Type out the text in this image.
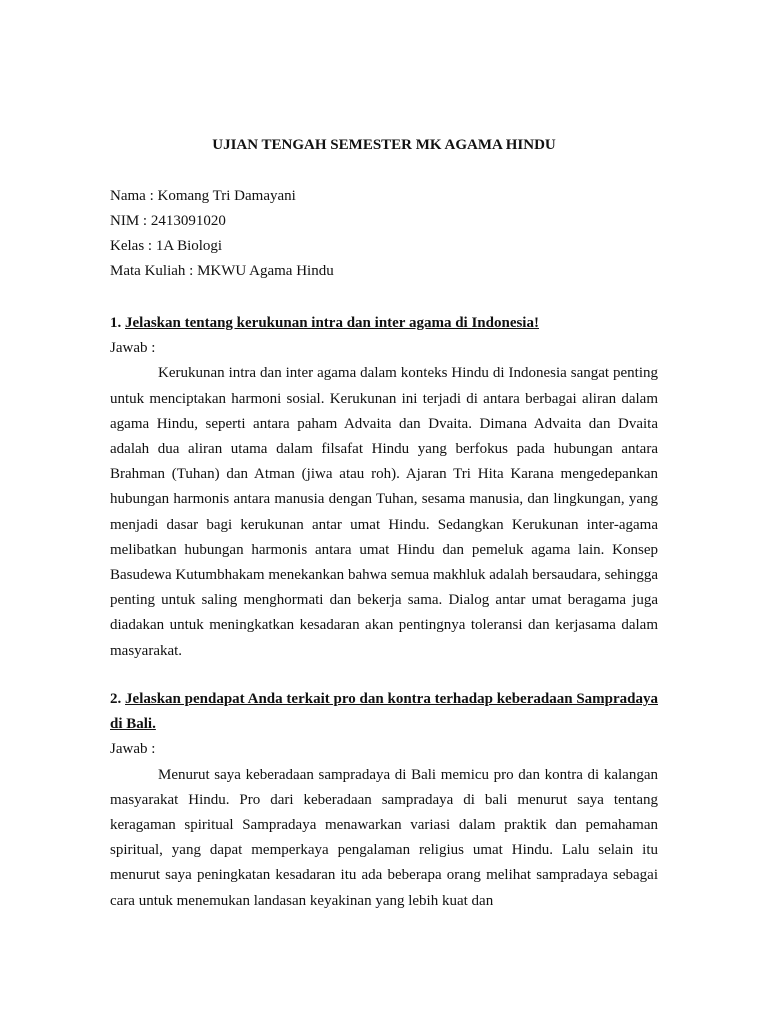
UJIAN TENGAH SEMESTER MK AGAMA HINDU
Nama : Komang Tri Damayani
NIM : 2413091020
Kelas : 1A Biologi
Mata Kuliah : MKWU Agama Hindu
1. Jelaskan tentang kerukunan intra dan inter agama di Indonesia!
Jawab :
Kerukunan intra dan inter agama dalam konteks Hindu di Indonesia sangat penting untuk menciptakan harmoni sosial. Kerukunan ini terjadi di antara berbagai aliran dalam agama Hindu, seperti antara paham Advaita dan Dvaita. Dimana Advaita dan Dvaita adalah dua aliran utama dalam filsafat Hindu yang berfokus pada hubungan antara Brahman (Tuhan) dan Atman (jiwa atau roh). Ajaran Tri Hita Karana mengedepankan hubungan harmonis antara manusia dengan Tuhan, sesama manusia, dan lingkungan, yang menjadi dasar bagi kerukunan antar umat Hindu. Sedangkan Kerukunan inter-agama melibatkan hubungan harmonis antara umat Hindu dan pemeluk agama lain. Konsep Basudewa Kutumbhakam menekankan bahwa semua makhluk adalah bersaudara, sehingga penting untuk saling menghormati dan bekerja sama. Dialog antar umat beragama juga diadakan untuk meningkatkan kesadaran akan pentingnya toleransi dan kerjasama dalam masyarakat.
2. Jelaskan pendapat Anda terkait pro dan kontra terhadap keberadaan Sampradaya di Bali.
Jawab :
Menurut saya keberadaan sampradaya di Bali memicu pro dan kontra di kalangan masyarakat Hindu. Pro dari keberadaan sampradaya di bali menurut saya tentang keragaman spiritual Sampradaya menawarkan variasi dalam praktik dan pemahaman spiritual, yang dapat memperkaya pengalaman religius umat Hindu. Lalu selain itu menurut saya peningkatan kesadaran itu ada beberapa orang melihat sampradaya sebagai cara untuk menemukan landasan keyakinan yang lebih kuat dan
